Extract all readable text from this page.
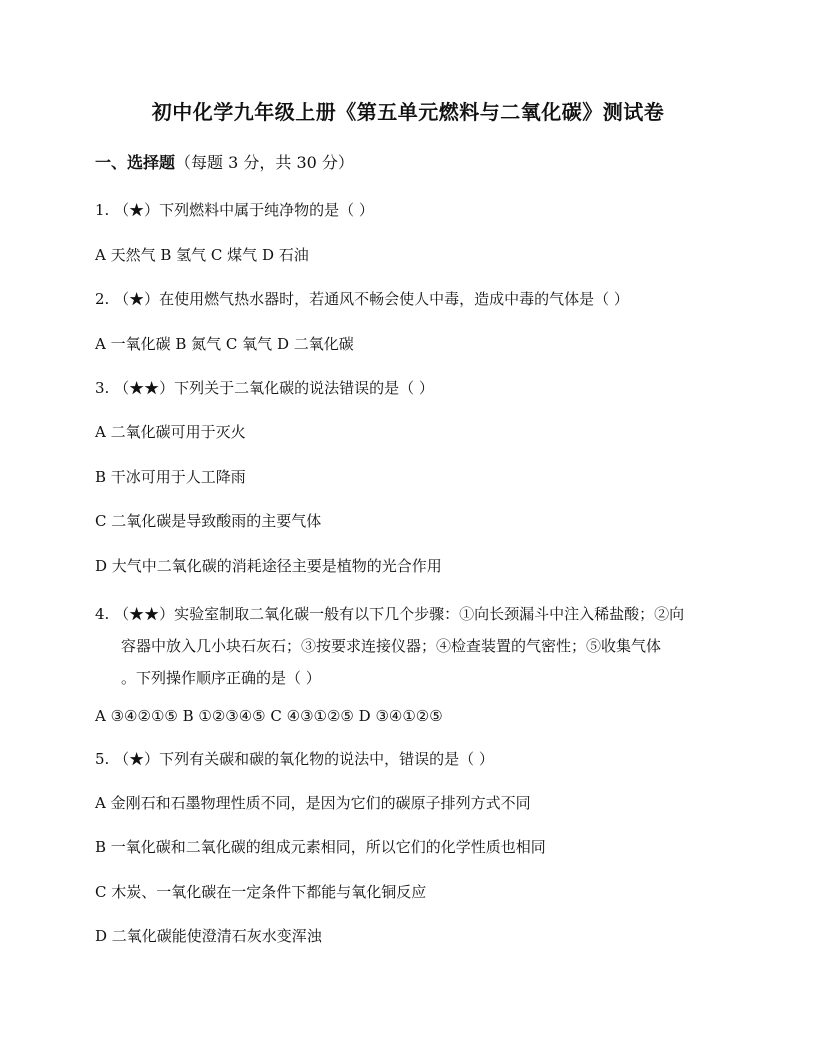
初中化学九年级上册《第五单元燃料与二氧化碳》测试卷
一、选择题（每题 3 分，共 30 分）
1. （★）下列燃料中属于纯净物的是（ ）
A 天然气 B 氢气 C 煤气 D 石油
2. （★）在使用燃气热水器时，若通风不畅会使人中毒，造成中毒的气体是（ ）
A 一氧化碳 B 氮气 C 氧气 D 二氧化碳
3. （★★）下列关于二氧化碳的说法错误的是（ ）
A 二氧化碳可用于灭火
B 干冰可用于人工降雨
C 二氧化碳是导致酸雨的主要气体
D 大气中二氧化碳的消耗途径主要是植物的光合作用
4. （★★）实验室制取二氧化碳一般有以下几个步骤：①向长颈漏斗中注入稀盐酸；②向
容器中放入几小块石灰石；③按要求连接仪器；④检查装置的气密性；⑤收集气体
。下列操作顺序正确的是（ ）
A ③④②①⑤ B ①②③④⑤ C ④③①②⑤ D ③④①②⑤
5. （★）下列有关碳和碳的氧化物的说法中，错误的是（ ）
A 金刚石和石墨物理性质不同，是因为它们的碳原子排列方式不同
B 一氧化碳和二氧化碳的组成元素相同，所以它们的化学性质也相同
C 木炭、一氧化碳在一定条件下都能与氧化铜反应
D 二氧化碳能使澄清石灰水变浑浊
